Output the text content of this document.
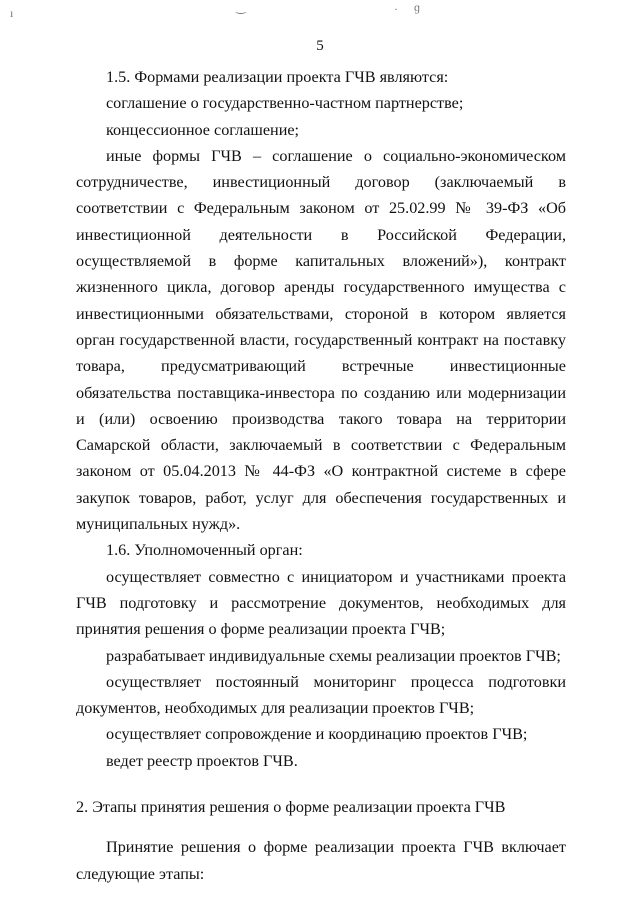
ı	‿	· ɡ
5

1.5. Формами реализации проекта ГЧВ являются:

соглашение о государственно-частном партнерстве;

концессионное соглашение;

иные формы ГЧВ – соглашение о социально-экономическом сотрудничестве, инвестиционный договор (заключаемый в соответствии с Федеральным законом от 25.02.99 № 39-ФЗ «Об инвестиционной деятельности в Российской Федерации, осуществляемой в форме капитальных вложений»), контракт жизненного цикла, договор аренды государственного имущества с инвестиционными обязательствами, стороной в котором является орган государственной власти, государственный контракт на поставку товара, предусматривающий встречные инвестиционные обязательства поставщика-инвестора по созданию или модернизации и (или) освоению производства такого товара на территории Самарской области, заключаемый в соответствии с Федеральным законом от 05.04.2013 № 44-ФЗ «О контрактной системе в сфере закупок товаров, работ, услуг для обеспечения государственных и муниципальных нужд».

1.6. Уполномоченный орган:

осуществляет совместно с инициатором и участниками проекта ГЧВ подготовку и рассмотрение документов, необходимых для принятия решения о форме реализации проекта ГЧВ;

разрабатывает индивидуальные схемы реализации проектов ГЧВ;

осуществляет постоянный мониторинг процесса подготовки документов, необходимых для реализации проектов ГЧВ;

осуществляет сопровождение и координацию проектов ГЧВ;

ведет реестр проектов ГЧВ.

2. Этапы принятия решения о форме реализации проекта ГЧВ

Принятие решения о форме реализации проекта ГЧВ включает следующие этапы:
